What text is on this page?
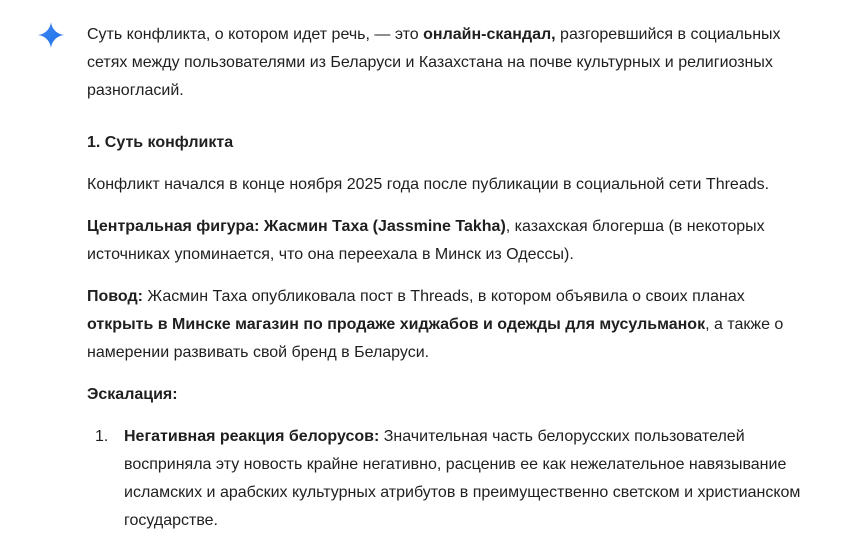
Суть конфликта, о котором идет речь, — это онлайн-скандал, разгоревшийся в социальных сетях между пользователями из Беларуси и Казахстана на почве культурных и религиозных разногласий.

1. Суть конфликта

Конфликт начался в конце ноября 2025 года после публикации в социальной сети Threads.

Центральная фигура: Жасмин Таха (Jassmine Takha), казахская блогерша (в некоторых источниках упоминается, что она переехала в Минск из Одессы).

Повод: Жасмин Таха опубликовала пост в Threads, в котором объявила о своих планах открыть в Минске магазин по продаже хиджабов и одежды для мусульманок, а также о намерении развивать свой бренд в Беларуси.

Эскалация:

1. Негативная реакция белорусов: Значительная часть белорусских пользователей восприняла эту новость крайне негативно, расценив ее как нежелательное навязывание исламских и арабских культурных атрибутов в преимущественно светском и христианском государстве.
